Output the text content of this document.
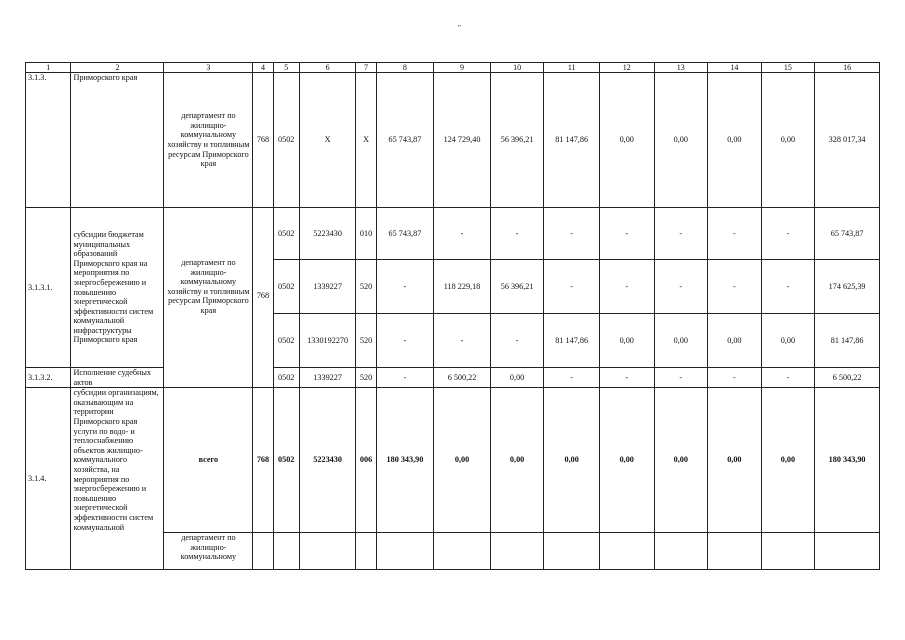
"
1	2	3	4	5	6	7	8	9	10	11	12	13	14	15	16
3.1.3.	Приморского края	департамент по жилищно-коммунальному хозяйству и топливным ресурсам Приморского края	768	0502	X	X	65 743,87	124 729,40	56 396,21	81 147,86	0,00	0,00	0,00	0,00	328 017,34
3.1.3.1.	субсидии бюджетам муниципальных образований Приморского края на мероприятия по энергосбережению и повышению энергетической эффективности систем коммунальной инфраструктуры Приморского края	департамент по жилищно-коммунальному хозяйству и топливным ресурсам Приморского края	768	0502	5223430	010	65 743,87	-	-	-	-	-	-	-	65 743,87
				0502	1339227	520	-	118 229,18	56 396,21	-	-	-	-	-	174 625,39
				0502	1330192270	520	-	-	-	81 147,86	0,00	0,00	0,00	0,00	81 147,86
3.1.3.2.	Исполнение судебных актов			0502	1339227	520	-	6 500,22	0,00	-	-	-	-	-	6 500,22
3.1.4.	субсидии организациям, оказывающим на территории Приморского края услуги по водо- и теплоснабжению объектов жилищно-коммунального хозяйства, на мероприятия по энергосбережению и повышению энергетической эффективности систем коммунальной	всего	768	0502	5223430	006	180 343,90	0,00	0,00	0,00	0,00	0,00	0,00	0,00	180 343,90
		департамент по жилищно-коммунальному													
